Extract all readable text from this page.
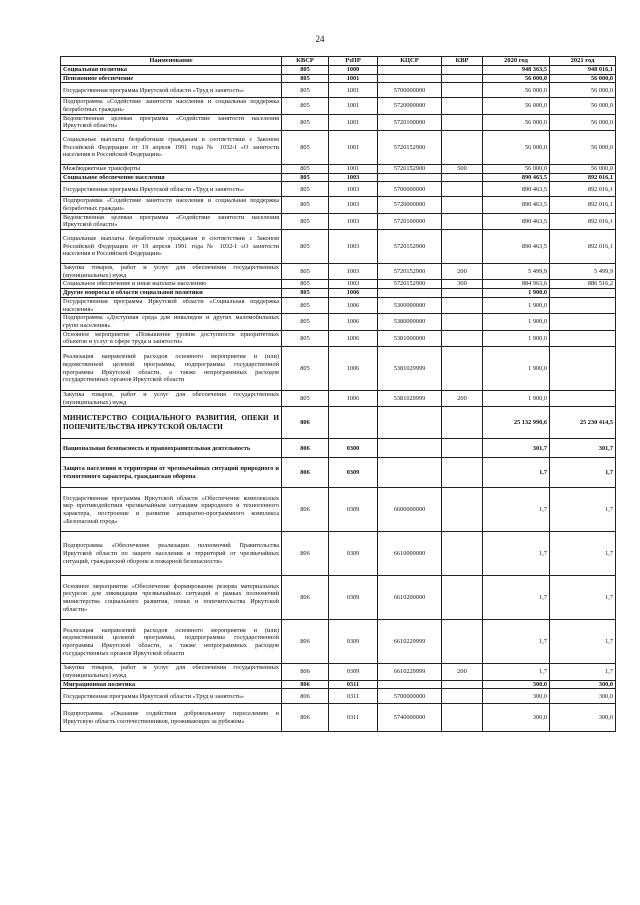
24
Наименование	КВСР	РзПР	КЦСР	КВР	2020 год	2021 год
Социальная политика	805	1000			948 363,5	948 016,1
Пенсионное обеспечение	805	1001			56 000,0	56 000,0
Государственная программа Иркутской области «Труд и занятость»	805	1001	5700000000		56 000,0	56 000,0
Подпрограмма «Содействие занятости населения и социальная поддержка безработных граждан»	805	1001	5720000000		56 000,0	56 000,0
Ведомственная целевая программа «Содействие занятости населения Иркутской области»	805	1001	5720100000		56 000,0	56 000,0
Социальные выплаты безработным гражданам в соответствии с Законом Российской Федерации от 19 апреля 1991 года № 1032-I «О занятости населения в Российской Федерации»	805	1001	5720152900		56 000,0	56 000,0
Межбюджетные трансферты	805	1001	5720152900	500	56 000,0	56 000,0
Социальное обеспечение населения	805	1003			890 463,5	892 016,1
Государственная программа Иркутской области «Труд и занятость»	805	1003	5700000000		890 463,5	892 016,1
Подпрограмма «Содействие занятости населения и социальная поддержка безработных граждан»	805	1003	5720000000		890 463,5	892 016,1
Ведомственная целевая программа «Содействие занятости населения Иркутской области»	805	1003	5720100000		890 463,5	892 016,1
Социальные выплаты безработным гражданам в соответствии с Законом Российской Федерации от 19 апреля 1991 года № 1032-I «О занятости населения в Российской Федерации»	805	1003	5720152900		890 463,5	892 016,1
Закупка товаров, работ и услуг для обеспечения государственных (муниципальных) нужд	805	1003	5720152900	200	5 499,9	5 499,9
Социальное обеспечение и иные выплаты населению	805	1003	5720152900	300	884 963,6	886 516,2
Другие вопросы в области социальной политики	805	1006			1 900,0	
Государственная программа Иркутской области «Социальная поддержка населения»	805	1006	5300000000		1 900,0	
Подпрограмма «Доступная среда для инвалидов и других маломобильных групп населения»	805	1006	5380000000		1 900,0	
Основное мероприятие «Повышение уровня доступности приоритетных объектов и услуг в сфере труда и занятости»	805	1006	5381000000		1 900,0	
Реализация направлений расходов основного мероприятия и (или) ведомственной целевой программы, подпрограммы государственной программы Иркутской области, а также непрограммных расходов государственных органов Иркутской области	805	1006	5381029999		1 900,0	
Закупка товаров, работ и услуг для обеспечения государственных (муниципальных) нужд	805	1006	5381029999	200	1 900,0	
МИНИСТЕРСТВО СОЦИАЛЬНОГО РАЗВИТИЯ, ОПЕКИ И ПОПЕЧИТЕЛЬСТВА ИРКУТСКОЙ ОБЛАСТИ	806				25 132 990,6	25 230 414,5
Национальная безопасность и правоохранительная деятельность	806	0300			301,7	301,7
Защита населения и территории от чрезвычайных ситуаций природного и техногенного характера, гражданская оборона	806	0309			1,7	1,7
Государственная программа Иркутской области «Обеспечение комплексных мер противодействия чрезвычайным ситуациям природного и техногенного характера, построение и развитие аппаратно-программного комплекса «Безопасный город»	806	0309	6600000000		1,7	1,7
Подпрограмма «Обеспечение реализации полномочий Правительства Иркутской области по защите населения и территорий от чрезвычайных ситуаций, гражданской обороне и пожарной безопасности»	806	0309	6610000000		1,7	1,7
Основное мероприятие «Обеспечение формирования резерва материальных ресурсов для ликвидации чрезвычайных ситуаций в рамках полномочий министерства социального развития, опеки и попечительства Иркутской области»	806	0309	6610200000		1,7	1,7
Реализация направлений расходов основного мероприятия и (или) ведомственной целевой программы, подпрограммы государственной программы Иркутской области, а также непрограммных расходов государственных органов Иркутской области	806	0309	6610229999		1,7	1,7
Закупка товаров, работ и услуг для обеспечения государственных (муниципальных) нужд	806	0309	6610229999	200	1,7	1,7
Миграционная политика	806	0311			300,0	300,0
Государственная программа Иркутской области «Труд и занятость»	806	0311	5700000000		300,0	300,0
Подпрограмма «Оказание содействия добровольному переселению в Иркутскую область соотечественников, проживающих за рубежом»	806	0311	5740000000		300,0	300,0
